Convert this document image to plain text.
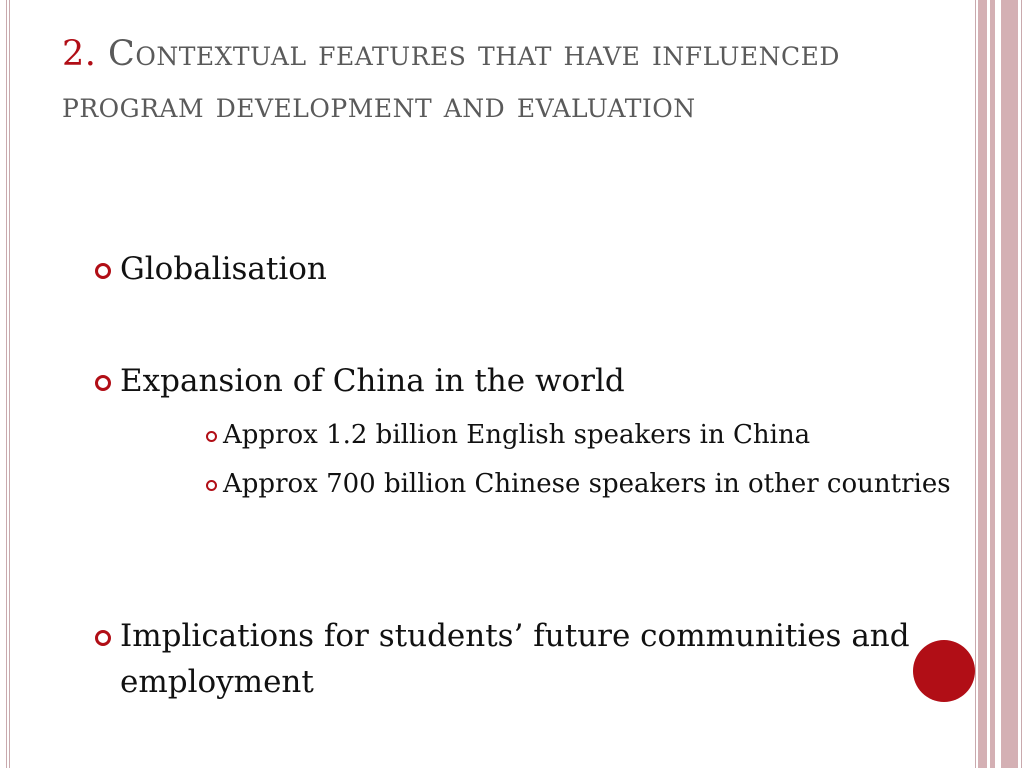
2. Contextual features that have influenced program development and evaluation
Globalisation
Expansion of China in the world
Approx 1.2 billion English speakers in China
Approx 700 billion Chinese speakers in other countries
Implications for students’ future communities and employment
